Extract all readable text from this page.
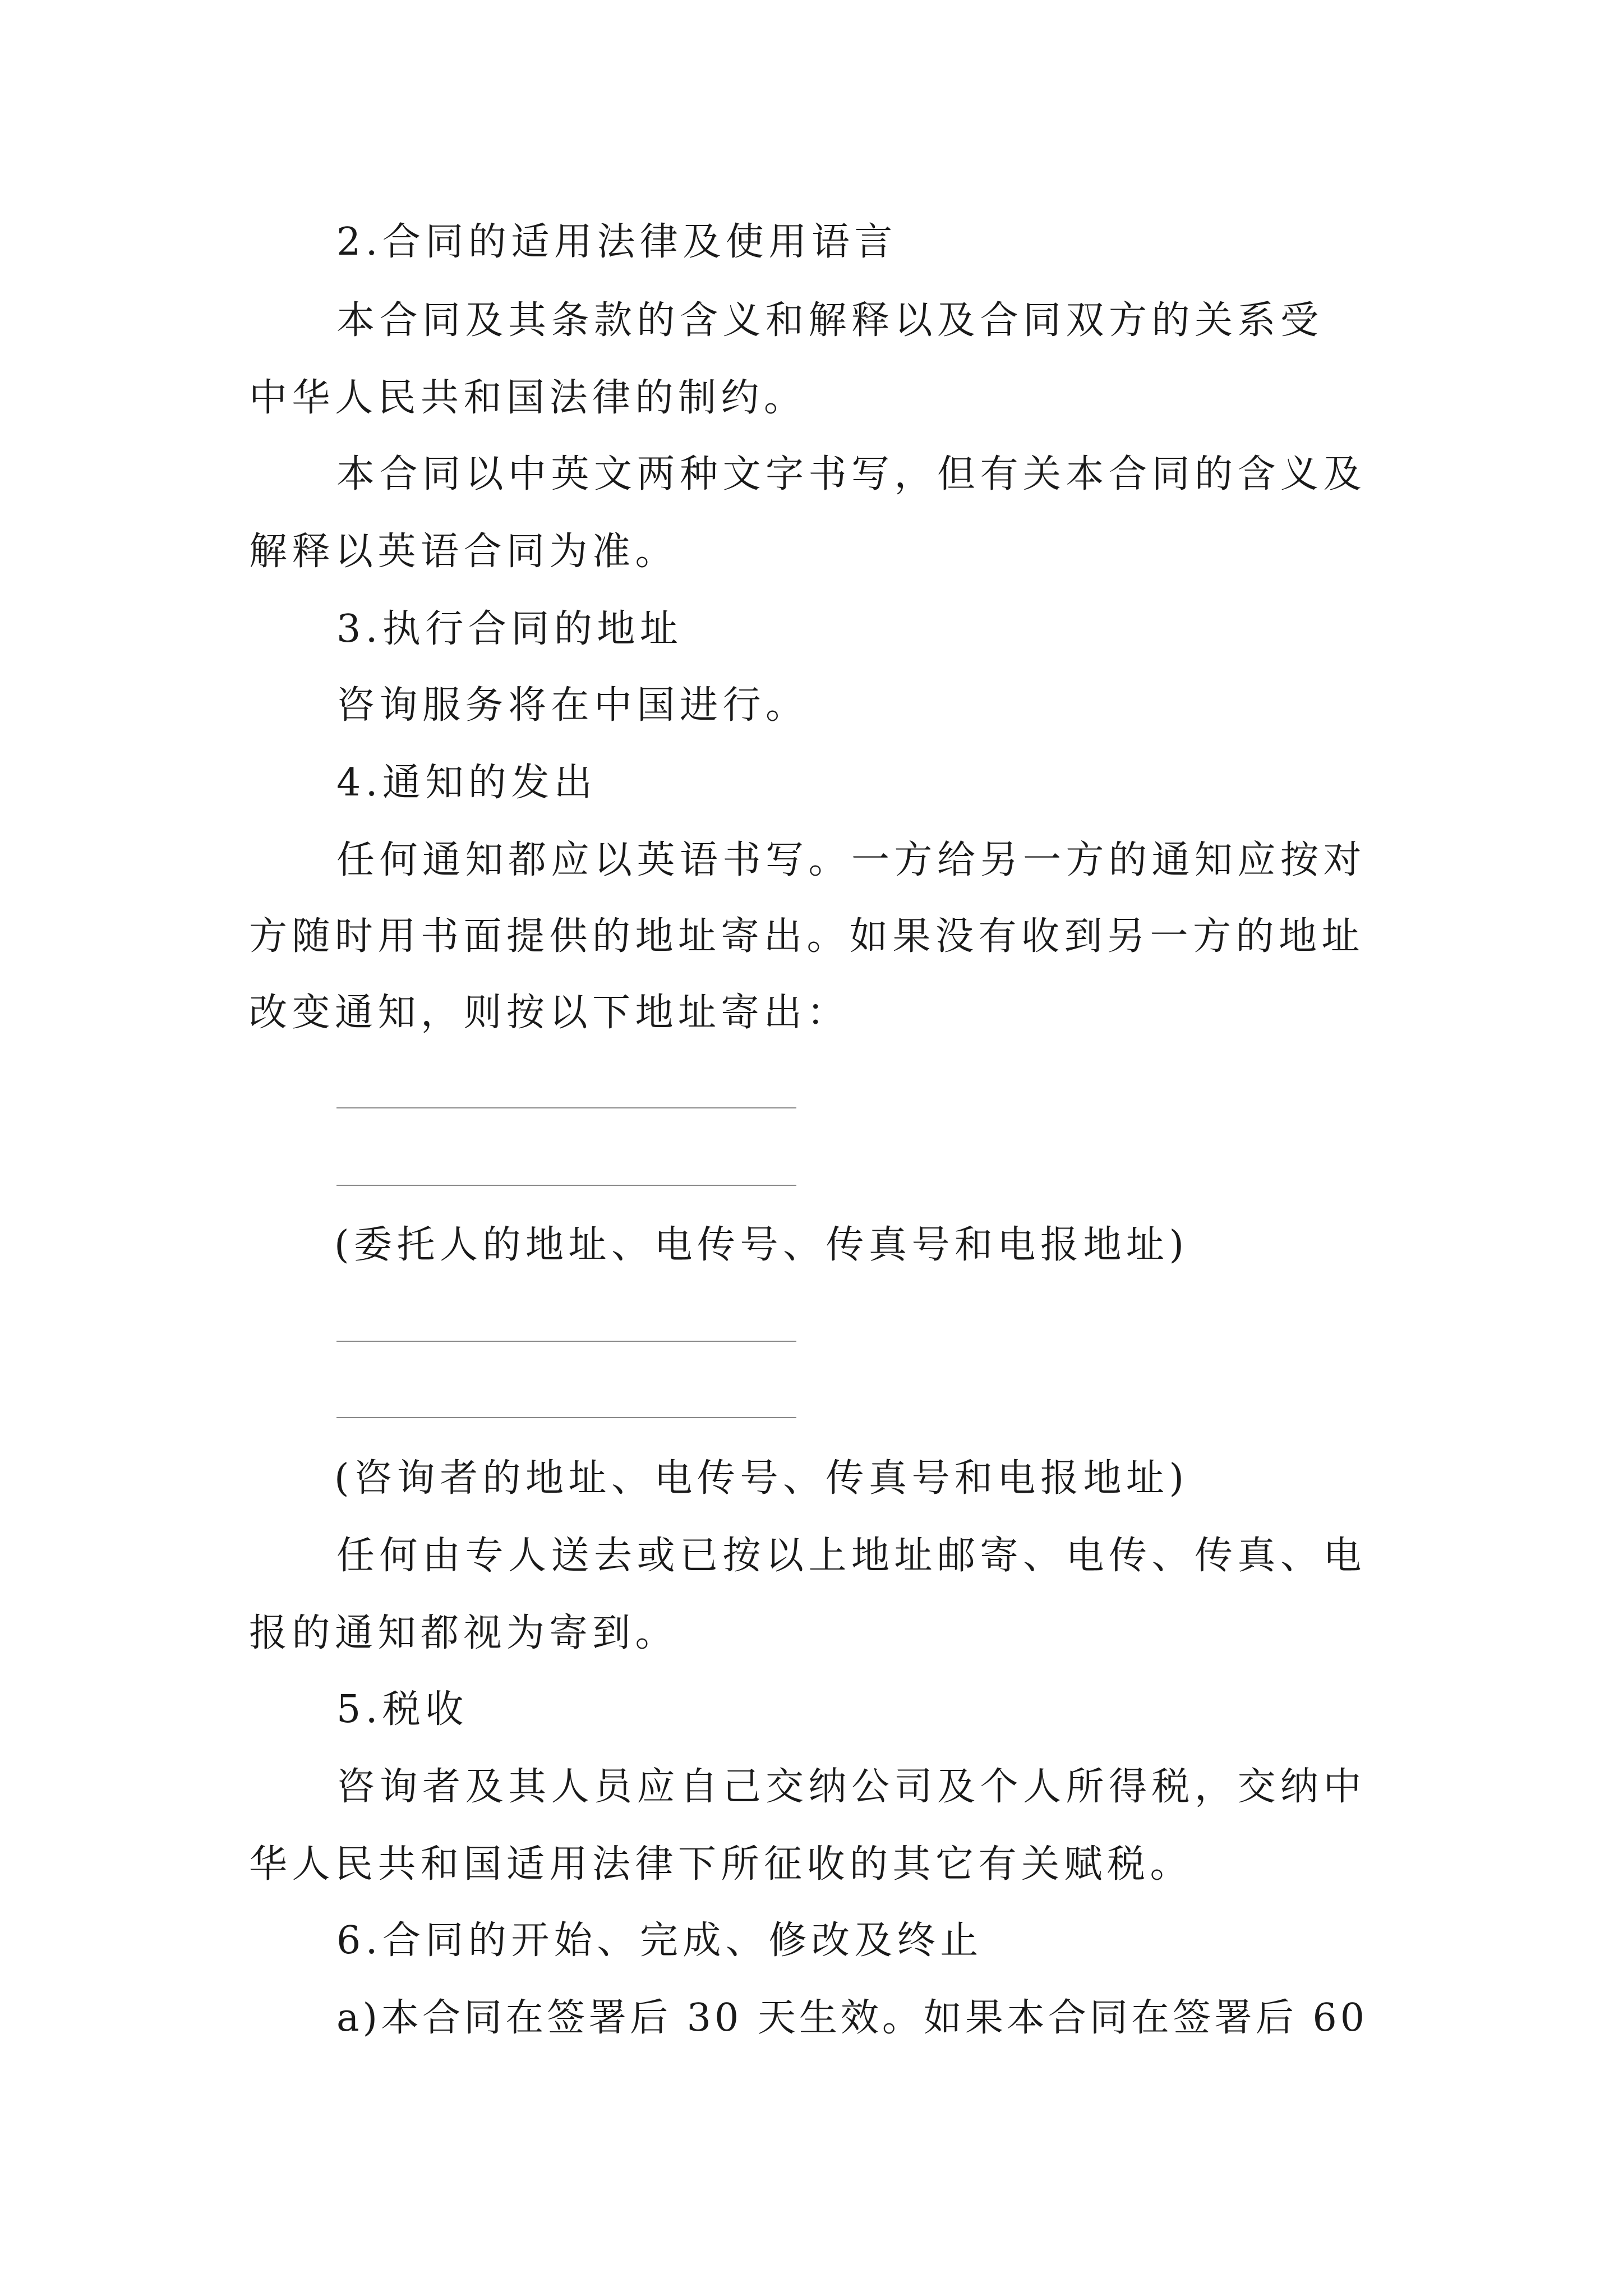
2.合同的适用法律及使用语言
本合同及其条款的含义和解释以及合同双方的关系受
中华人民共和国法律的制约。
本合同以中英文两种文字书写，但有关本合同的含义及
解释以英语合同为准。
3.执行合同的地址
咨询服务将在中国进行。
4.通知的发出
任何通知都应以英语书写。一方给另一方的通知应按对
方随时用书面提供的地址寄出。如果没有收到另一方的地址
改变通知，则按以下地址寄出：
(委托人的地址、电传号、传真号和电报地址)
(咨询者的地址、电传号、传真号和电报地址)
任何由专人送去或已按以上地址邮寄、电传、传真、电
报的通知都视为寄到。
5.税收
咨询者及其人员应自己交纳公司及个人所得税，交纳中
华人民共和国适用法律下所征收的其它有关赋税。
6.合同的开始、完成、修改及终止
a)本合同在签署后 30 天生效。如果本合同在签署后 60
